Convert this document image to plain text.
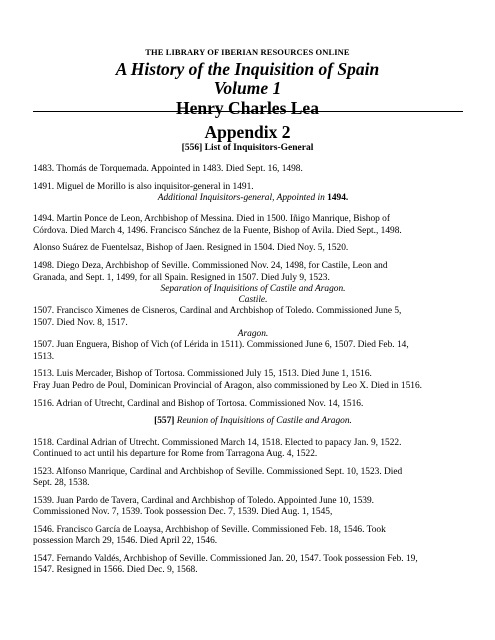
THE LIBRARY OF IBERIAN RESOURCES ONLINE
A History of the Inquisition of Spain
Volume 1
Henry Charles Lea
Appendix 2
[556] List of Inquisitors-General

1483. Thomás de Torquemada. Appointed in 1483. Died Sept. 16, 1498.

1491. Miguel de Morillo is also inquisitor-general in 1491.

Additional Inquisitors-general, Appointed in 1494.

1494. Martin Ponce de Leon, Archbishop of Messina. Died in 1500. Iñigo Manrique, Bishop of
Córdova. Died March 4, 1496. Francisco Sánchez de la Fuente, Bishop of Avila. Died Sept., 1498.

Alonso Suárez de Fuentelsaz, Bishop of Jaen. Resigned in 1504. Died Noy. 5, 1520.

1498. Diego Deza, Archbishop of Seville. Commissioned Nov. 24, 1498, for Castile, Leon and
Granada, and Sept. 1, 1499, for all Spain. Resigned in 1507. Died July 9, 1523.

Separation of Inquisitions of Castile and Aragon.

Castile.

1507. Francisco Ximenes de Cisneros, Cardinal and Archbishop of Toledo. Commissioned June 5,
1507. Died Nov. 8, 1517.

Aragon.

1507. Juan Enguera, Bishop of Vich (of Lérida in 1511). Commissioned June 6, 1507. Died Feb. 14,
1513.

1513. Luis Mercader, Bishop of Tortosa. Commissioned July 15, 1513. Died June 1, 1516.
Fray Juan Pedro de Poul, Dominican Provincial of Aragon, also commissioned by Leo X. Died in 1516.

1516. Adrian of Utrecht, Cardinal and Bishop of Tortosa. Commissioned Nov. 14, 1516.

[557] Reunion of Inquisitions of Castile and Aragon.

1518. Cardinal Adrian of Utrecht. Commissioned March 14, 1518. Elected to papacy Jan. 9, 1522.
Continued to act until his departure for Rome from Tarragona Aug. 4, 1522.

1523. Alfonso Manrique, Cardinal and Archbishop of Seville. Commissioned Sept. 10, 1523. Died
Sept. 28, 1538.

1539. Juan Pardo de Tavera, Cardinal and Archbishop of Toledo. Appointed June 10, 1539.
Commissioned Nov. 7, 1539. Took possession Dec. 7, 1539. Died Aug. 1, 1545,

1546. Francisco García de Loaysa, Archbishop of Seville. Commissioned Feb. 18, 1546. Took
possession March 29, 1546. Died April 22, 1546.

1547. Fernando Valdés, Archbishop of Seville. Commissioned Jan. 20, 1547. Took possession Feb. 19,
1547. Resigned in 1566. Died Dec. 9, 1568.
